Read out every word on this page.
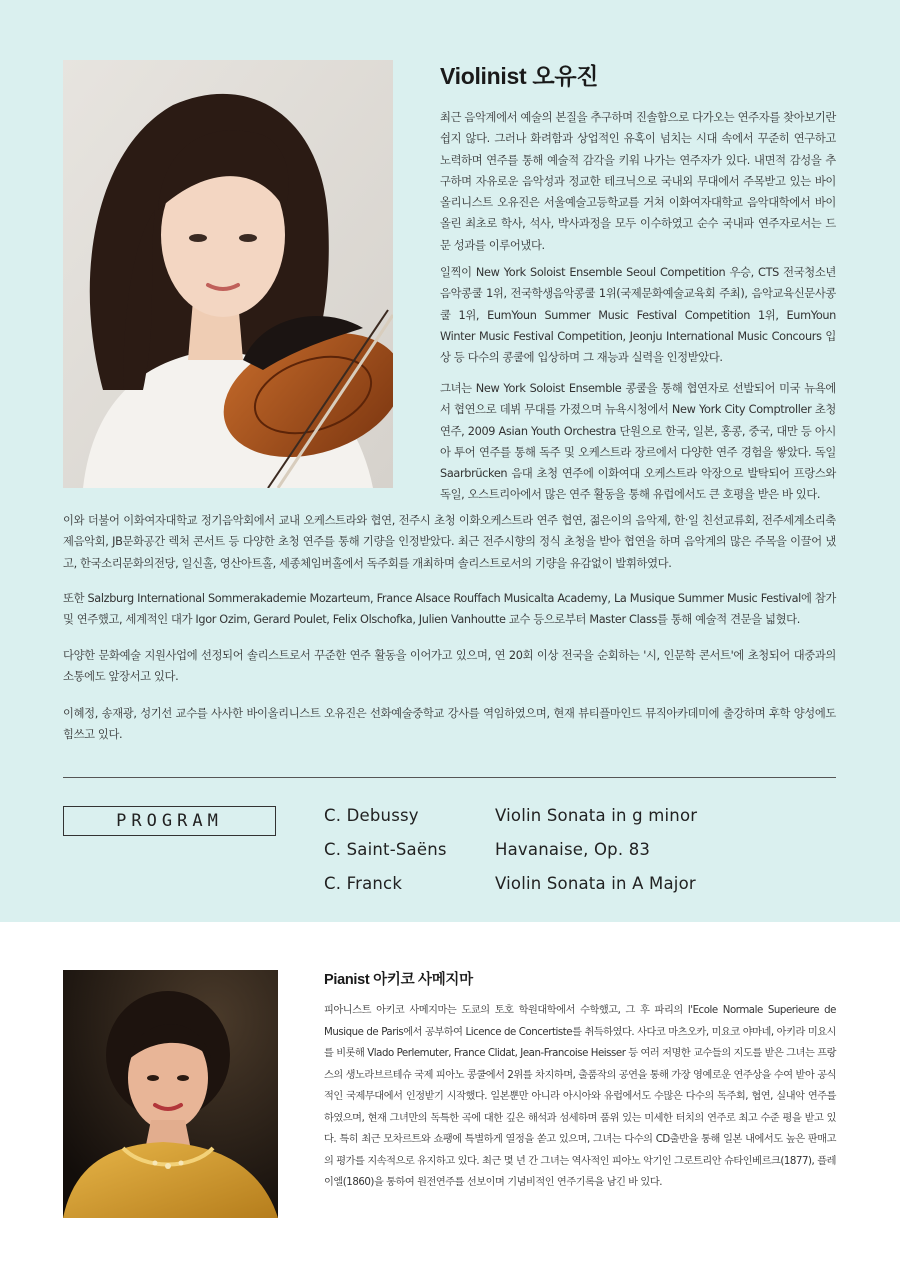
Violinist 오유진

최근 음악계에서 예술의 본질을 추구하며 진솔함으로 다가오는 연주자를 찾아보기란 쉽지 않다. 그러나 화려함과 상업적인 유혹이 넘치는 시대 속에서 꾸준히 연구하고 노력하며 연주를 통해 예술적 감각을 키워 나가는 연주자가 있다. 내면적 감성을 추구하며 자유로운 음악성과 정교한 테크닉으로 국내외 무대에서 주목받고 있는 바이올리니스트 오유진은 서울예술고등학교를 거쳐 이화여자대학교 음악대학에서 바이올린 최초로 학사, 석사, 박사과정을 모두 이수하였고 순수 국내파 연주자로서는 드문 성과를 이루어냈다.

일찍이 New York Soloist Ensemble Seoul Competition 우승, CTS 전국청소년음악콩쿨 1위, 전국학생음악콩쿨 1위(국제문화예술교육회 주최), 음악교육신문사콩쿨 1위, EumYoun Summer Music Festival Competition 1위, EumYoun Winter Music Festival Competition, Jeonju International Music Concours 입상 등 다수의 콩쿨에 입상하며 그 재능과 실력을 인정받았다.

그녀는 New York Soloist Ensemble 콩쿨을 통해 협연자로 선발되어 미국 뉴욕에서 협연으로 데뷔 무대를 가졌으며 뉴욕시청에서 New York City Comptroller 초청 연주, 2009 Asian Youth Orchestra 단원으로 한국, 일본, 홍콩, 중국, 대만 등 아시아 투어 연주를 통해 독주 및 오케스트라 장르에서 다양한 연주 경험을 쌓았다. 독일 Saarbrücken 음대 초청 연주에 이화여대 오케스트라 악장으로 발탁되어 프랑스와 독일, 오스트리아에서 많은 연주 활동을 통해 유럽에서도 큰 호평을 받은 바 있다.

이와 더불어 이화여자대학교 정기음악회에서 교내 오케스트라와 협연, 전주시 초청 이화오케스트라 연주 협연, 젊은이의 음악제, 한·일 친선교류회, 전주세계소리축제음악회, JB문화공간 렉처 콘서트 등 다양한 초청 연주를 통해 기량을 인정받았다. 최근 전주시향의 정식 초청을 받아 협연을 하며 음악계의 많은 주목을 이끌어 냈고, 한국소리문화의전당, 일신홀, 영산아트홀, 세종체임버홀에서 독주회를 개최하며 솔리스트로서의 기량을 유감없이 발휘하였다.

또한 Salzburg International Sommerakademie Mozarteum, France Alsace Rouffach Musicalta Academy, La Musique Summer Music Festival에 참가 및 연주했고, 세계적인 대가 Igor Ozim, Gerard Poulet, Felix Olschofka, Julien Vanhoutte 교수 등으로부터 Master Class를 통해 예술적 견문을 넓혔다.

다양한 문화예술 지원사업에 선정되어 솔리스트로서 꾸준한 연주 활동을 이어가고 있으며, 연 20회 이상 전국을 순회하는 '시, 인문학 콘서트'에 초청되어 대중과의 소통에도 앞장서고 있다.

이혜정, 송재광, 성기선 교수를 사사한 바이올리니스트 오유진은 선화예술중학교 강사를 역임하였으며, 현재 뷰티플마인드 뮤직아카데미에 출강하며 후학 양성에도 힘쓰고 있다.

PROGRAM	C. Debussy	Violin Sonata in g minor
C. Saint-Saëns	Havanaise, Op. 83
C. Franck	Violin Sonata in A Major
Pianist 아키코 사메지마

피아니스트 아키코 사메지마는 도쿄의 토호 학원대학에서 수학했고, 그 후 파리의 l'Ecole Normale Superieure de Musique de Paris에서 공부하여 Licence de Concertiste를 취득하였다. 사다코 마츠오카, 미요코 야마네, 아키라 미요시를 비롯해 Vlado Perlemuter, France Clidat, Jean-Francoise Heisser 등 여러 저명한 교수들의 지도를 받은 그녀는 프랑스의 생노라브르테슈 국제 피아노 콩쿨에서 2위를 차지하며, 출품작의 공연을 통해 가장 영예로운 연주상을 수여 받아 공식적인 국제무대에서 인정받기 시작했다. 일본뿐만 아니라 아시아와 유럽에서도 수많은 다수의 독주회, 협연, 실내악 연주를 하였으며, 현재 그녀만의 독특한 곡에 대한 깊은 해석과 섬세하며 품위 있는 미세한 터치의 연주로 최고 수준 평을 받고 있다. 특히 최근 모차르트와 쇼팽에 특별하게 열정을 쏟고 있으며, 그녀는 다수의 CD출반을 통해 일본 내에서도 높은 판매고의 평가를 지속적으로 유지하고 있다. 최근 몇 년 간 그녀는 역사적인 피아노 악기인 그로트리안 슈타인베르크(1877), 플레이엘(1860)을 통하여 원전연주를 선보이며 기념비적인 연주기록을 남긴 바 있다.
